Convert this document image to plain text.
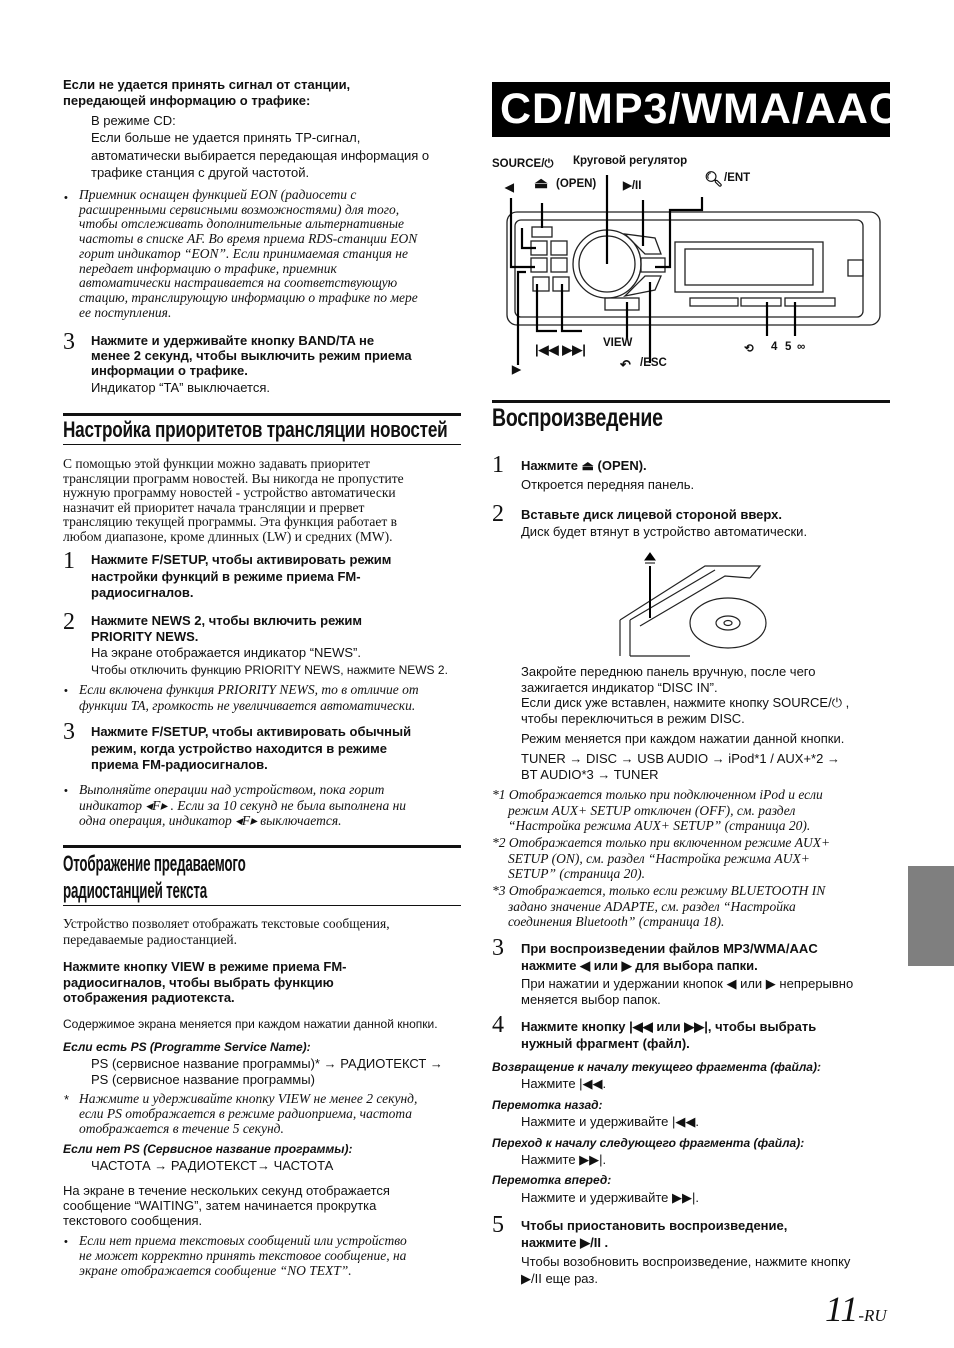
Если не удается принять сигнал от станции,
передающей информацию о трафике:
В режиме CD:
Если больше не удается принять TP-сигнал,
автоматически выбирается передающая информация о
трафике станция с другой частотой.
• Приемник оснащен функцией EON (радиосети с
расширенными сервисными возможностями) для того,
чтобы отслеживать дополнительные альтернативные
частоты в списке AF. Во время приема RDS-станции EON
горит индикатор “EON”. Если принимаемая станция не
передает информацию о трафике, приемник
автоматически настраивается на соответствующую
стацию, транслирующую информацию о трафике по мере
ее поступления.
3 Нажмите и удерживайте кнопку BAND/TA не
менее 2 секунд, чтобы выключить режим приема
информации о трафике.
Индикатор “TA” выключается.
Настройка приоритетов трансляции новостей
С помощью этой функции можно задавать приоритет
трансляции программ новостей. Вы никогда не пропустите
нужную программу новостей - устройство автоматически
назначит ей приоритет начала трансляции и прервет
трансляцию текущей программы. Эта функция работает в
любом диапазоне, кроме длинных (LW) и средних (MW).
1 Нажмите F/SETUP, чтобы активировать режим
настройки функций в режиме приема FM-
радиосигналов.
2 Нажмите NEWS 2, чтобы включить режим
PRIORITY NEWS.
На экране отображается индикатор “NEWS”.
Чтобы отключить функцию PRIORITY NEWS, нажмите NEWS 2.
• Если включена функция PRIORITY NEWS, то в отличие от
функции TA, громкость не увеличивается автоматически.
3 Нажмите F/SETUP, чтобы активировать обычный
режим, когда устройство находится в режиме
приема FM-радиосигналов.
• Выполняйте операции над устройством, пока горит
индикатор ◂F▸ . Если за 10 секунд не была выполнена ни
одна операция, индикатор ◂F▸ выключается.
Отображение предаваемого
радиостанцией текста
Устройство позволяет отображать текстовые сообщения,
передаваемые радиостанцией.
Нажмите кнопку VIEW в режиме приема FM-
радиосигналов, чтобы выбрать функцию
отображения радиотекста.
Содержимое экрана меняется при каждом нажатии данной кнопки.
Если есть PS (Programme Service Name):
PS (сервисное название программы)* → РАДИОТЕКСТ →
PS (сервисное название программы)
* Нажмите и удерживайте кнопку VIEW не менее 2 секунд,
если PS отображается в режиме радиоприема, частота
отображается в течение 5 секунд.
Если нет PS (Сервисное название программы):
ЧАСТОТА → РАДИОТЕКСТ→ ЧАСТОТА
На экране в течение нескольких секунд отображается
сообщение “WAITING”, затем начинается прокрутка
текстового сообщения.
• Если нет приема текстовых сообщений или устройство
не может корректно принять текстовое сообщение, на
экране отображается сообщение “NO TEXT”.
CD/MP3/WMA/AAC
SOURCE/⏻ Круговой регулятор
◀ ⏏ (OPEN) ▶/II	🔍︎ /ENT
▶
|◀◀ ▶▶| VIEW
↶ /ESC
⟲ 4 5 ∞
Воспроизведение
1 Нажмите ⏏ (OPEN).
Откроется передняя панель.
2 Вставьте диск лицевой стороной вверх.
Диск будет втянут в устройство автоматически.
Закройте переднюю панель вручную, после чего
зажигается индикатор “DISC IN”.
Если диск уже вставлен, нажмите кнопку SOURCE/⏻ ,
чтобы переключиться в режим DISC.
Режим меняется при каждом нажатии данной кнопки.
TUNER → DISC → USB AUDIO → iPod*1 / AUX+*2 →
BT AUDIO*3 → TUNER
*1 Отображается только при подключенном iPod и если
режим AUX+ SETUP отключен (OFF), см. раздел
“Настройка режима AUX+ SETUP” (страница 20).
*2 Отображается только при включенном режиме AUX+
SETUP (ON), см. раздел “Настройка режима AUX+
SETUP” (страница 20).
*3 Отображается, только если режиму BLUETOOTH IN
задано значение ADAPTE, см. раздел “Настройка
соединения Bluetooth” (страница 18).
3 При воспроизведении файлов MP3/WMA/AAC
нажмите ◀ или ▶ для выбора папки.
При нажатии и удержании кнопок ◀ или ▶ непрерывно
меняется выбор папок.
4 Нажмите кнопку |◀◀ или ▶▶|, чтобы выбрать
нужный фрагмент (файл).
Возвращение к началу текущего фрагмента (файла):
Нажмите |◀◀.
Перемотка назад:
Нажмите и удерживайте |◀◀.
Переход к началу следующего фрагмента (файла):
Нажмите ▶▶|.
Перемотка вперед:
Нажмите и удерживайте ▶▶|.
5 Чтобы приостановить воспроизведение,
нажмите ▶/II .
Чтобы возобновить воспроизведение, нажмите кнопку
▶/II еще раз.
11-RU
